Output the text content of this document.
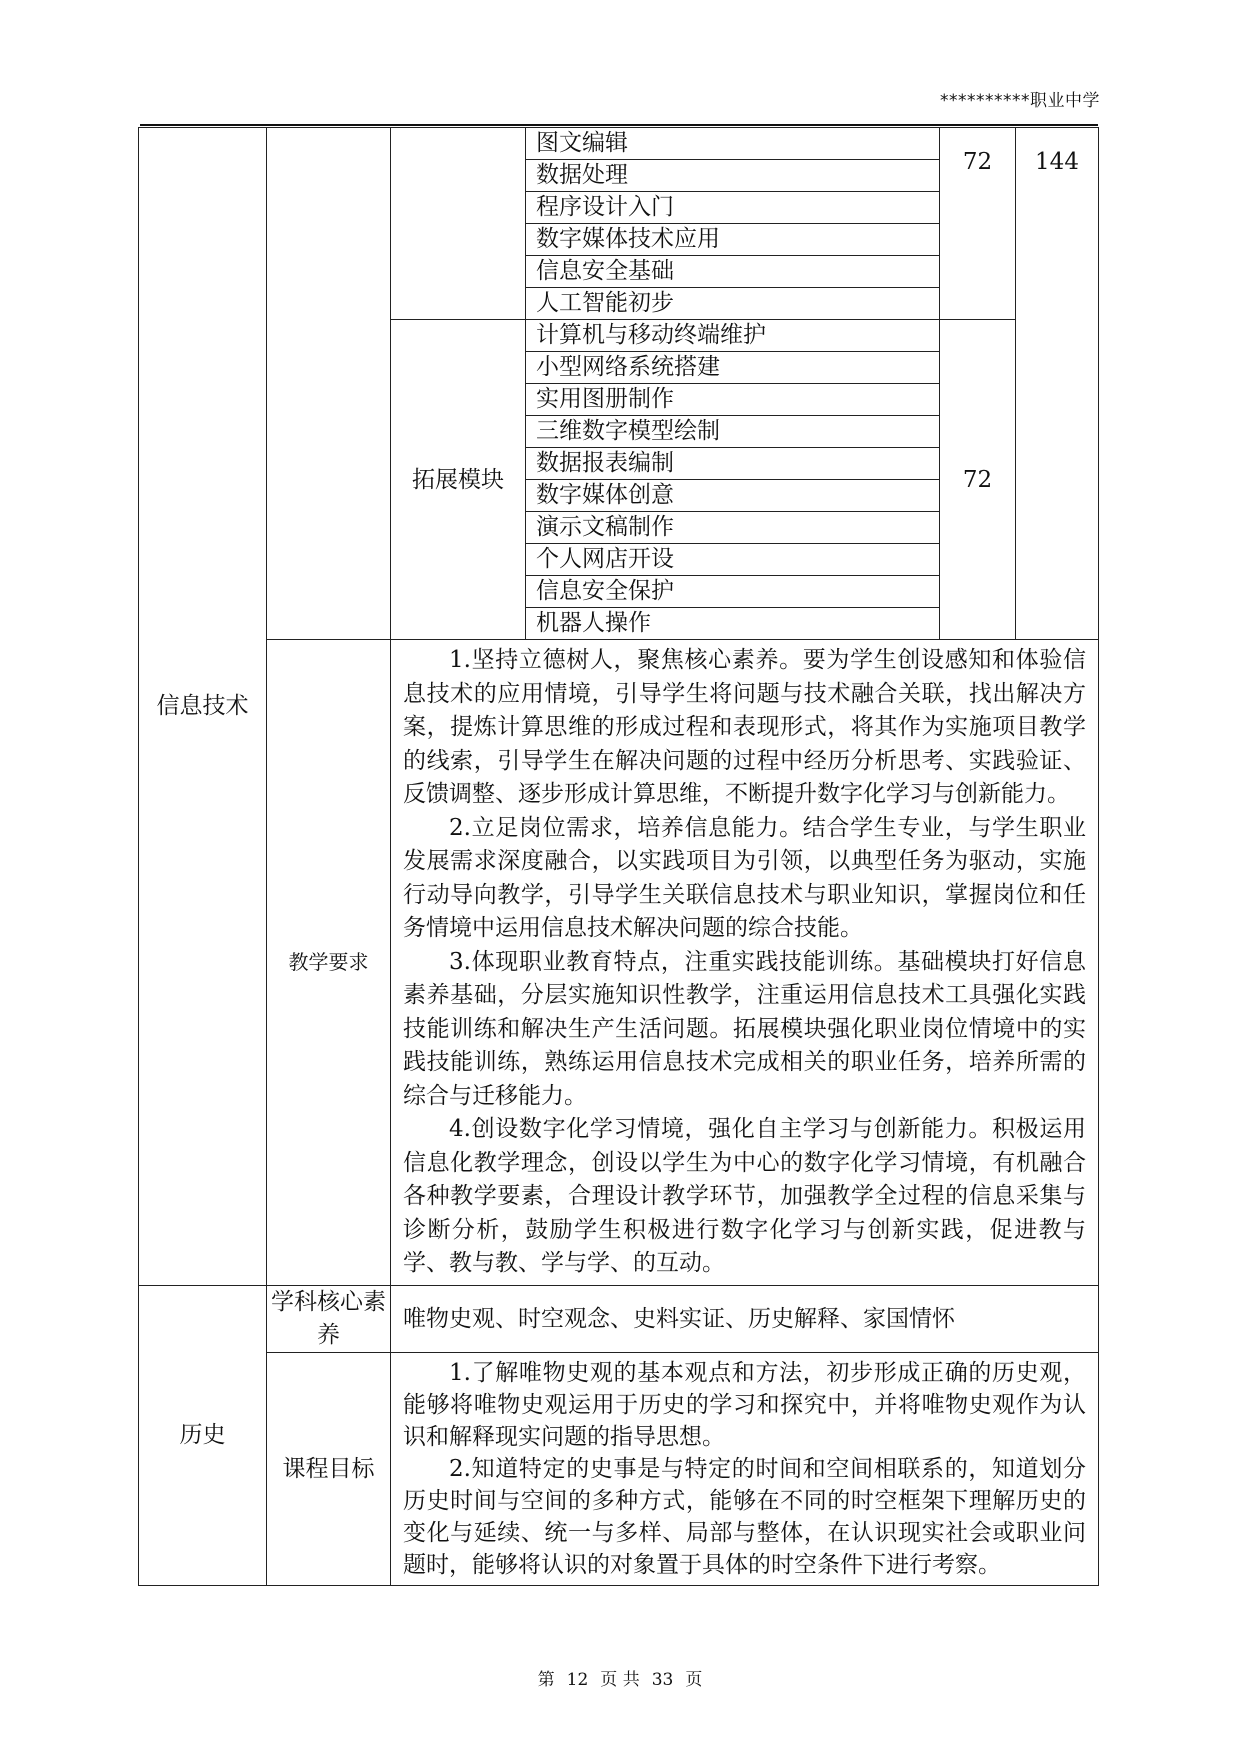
**********职业中学
信息技术			图文编辑	72	144
			数据处理		
			程序设计入门		
			数字媒体技术应用		
			信息安全基础		
			人工智能初步		
		拓展模块	计算机与移动终端维护	72	
			小型网络系统搭建		
			实用图册制作		
			三维数字模型绘制		
			数据报表编制		
			数字媒体创意		
			演示文稿制作		
			个人网店开设		
			信息安全保护		
			机器人操作		
	教学要求	1.坚持立德树人，聚焦核心素养。要为学生创设感知和体验信息技术的应用情境，引导学生将问题与技术融合关联，找出解决方案，提炼计算思维的形成过程和表现形式，将其作为实施项目教学的线索，引导学生在解决问题的过程中经历分析思考、实践验证、反馈调整、逐步形成计算思维，不断提升数字化学习与创新能力。

2.立足岗位需求，培养信息能力。结合学生专业，与学生职业发展需求深度融合，以实践项目为引领，以典型任务为驱动，实施行动导向教学，引导学生关联信息技术与职业知识，掌握岗位和任务情境中运用信息技术解决问题的综合技能。

3.体现职业教育特点，注重实践技能训练。基础模块打好信息素养基础，分层实施知识性教学，注重运用信息技术工具强化实践技能训练和解决生产生活问题。拓展模块强化职业岗位情境中的实践技能训练，熟练运用信息技术完成相关的职业任务，培养所需的综合与迁移能力。

4.创设数字化学习情境，强化自主学习与创新能力。积极运用信息化教学理念，创设以学生为中心的数字化学习情境，有机融合各种教学要素，合理设计教学环节，加强教学全过程的信息采集与诊断分析，鼓励学生积极进行数字化学习与创新实践，促进教与学、教与教、学与学、的互动。			

历史	学科核心素养	唯物史观、时空观念、史料实证、历史解释、家国情怀			
	课程目标	1.了解唯物史观的基本观点和方法，初步形成正确的历史观，能够将唯物史观运用于历史的学习和探究中，并将唯物史观作为认识和解释现实问题的指导思想。

2.知道特定的史事是与特定的时间和空间相联系的，知道划分历史时间与空间的多种方式，能够在不同的时空框架下理解历史的变化与延续、统一与多样、局部与整体，在认识现实社会或职业问题时，能够将认识的对象置于具体的时空条件下进行考察。			

第 12 页 共 33 页
